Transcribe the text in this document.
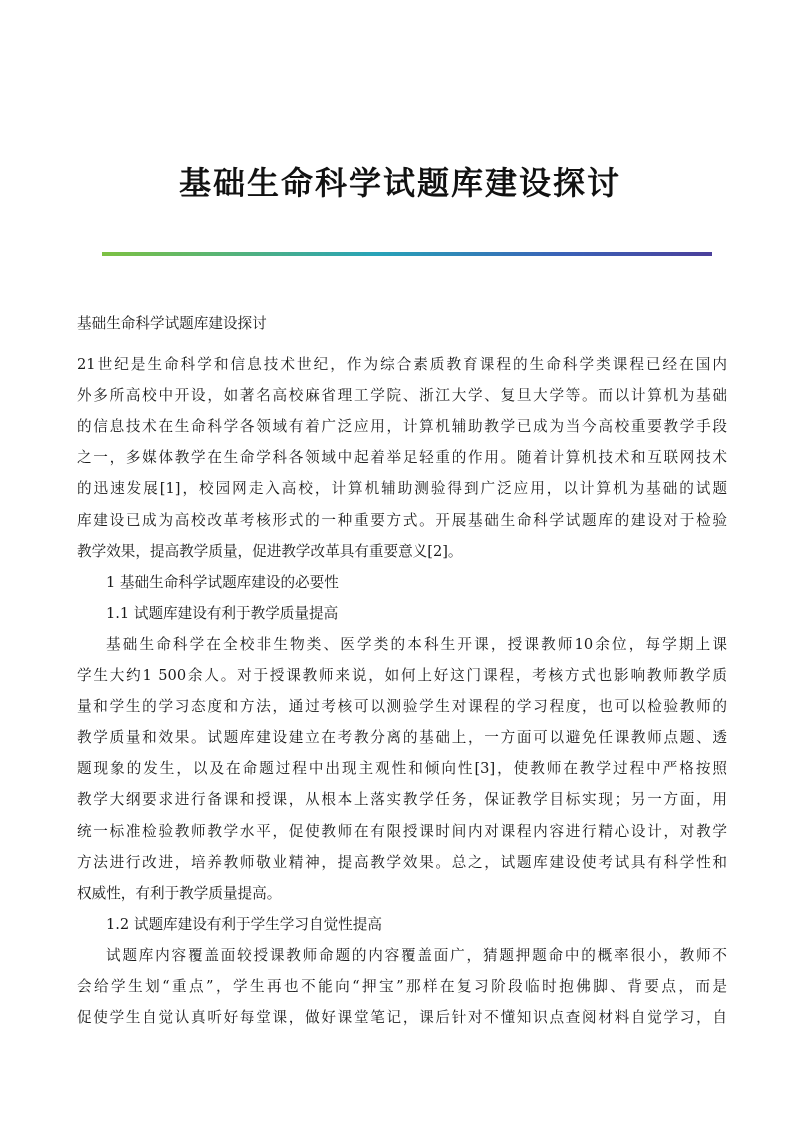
基础生命科学试题库建设探讨
基础生命科学试题库建设探讨
21世纪是生命科学和信息技术世纪，作为综合素质教育课程的生命科学类课程已经在国内
外多所高校中开设，如著名高校麻省理工学院、浙江大学、复旦大学等。而以计算机为基础
的信息技术在生命科学各领域有着广泛应用，计算机辅助教学已成为当今高校重要教学手段
之一，多媒体教学在生命学科各领域中起着举足轻重的作用。随着计算机技术和互联网技术
的迅速发展[1]，校园网走入高校，计算机辅助测验得到广泛应用，以计算机为基础的试题
库建设已成为高校改革考核形式的一种重要方式。开展基础生命科学试题库的建设对于检验
教学效果，提高教学质量，促进教学改革具有重要意义[2]。
1 基础生命科学试题库建设的必要性
1.1 试题库建设有利于教学质量提高
基础生命科学在全校非生物类、医学类的本科生开课，授课教师10余位，每学期上课
学生大约1 500余人。对于授课教师来说，如何上好这门课程，考核方式也影响教师教学质
量和学生的学习态度和方法，通过考核可以测验学生对课程的学习程度，也可以检验教师的
教学质量和效果。试题库建设建立在考教分离的基础上，一方面可以避免任课教师点题、透
题现象的发生，以及在命题过程中出现主观性和倾向性[3]，使教师在教学过程中严格按照
教学大纲要求进行备课和授课，从根本上落实教学任务，保证教学目标实现；另一方面，用
统一标准检验教师教学水平，促使教师在有限授课时间内对课程内容进行精心设计，对教学
方法进行改进，培养教师敬业精神，提高教学效果。总之，试题库建设使考试具有科学性和
权威性，有利于教学质量提高。
1.2 试题库建设有利于学生学习自觉性提高
试题库内容覆盖面较授课教师命题的内容覆盖面广，猜题押题命中的概率很小，教师不
会给学生划“重点”，学生再也不能向“押宝”那样在复习阶段临时抱佛脚、背要点，而是
促使学生自觉认真听好每堂课，做好课堂笔记，课后针对不懂知识点查阅材料自觉学习，自
